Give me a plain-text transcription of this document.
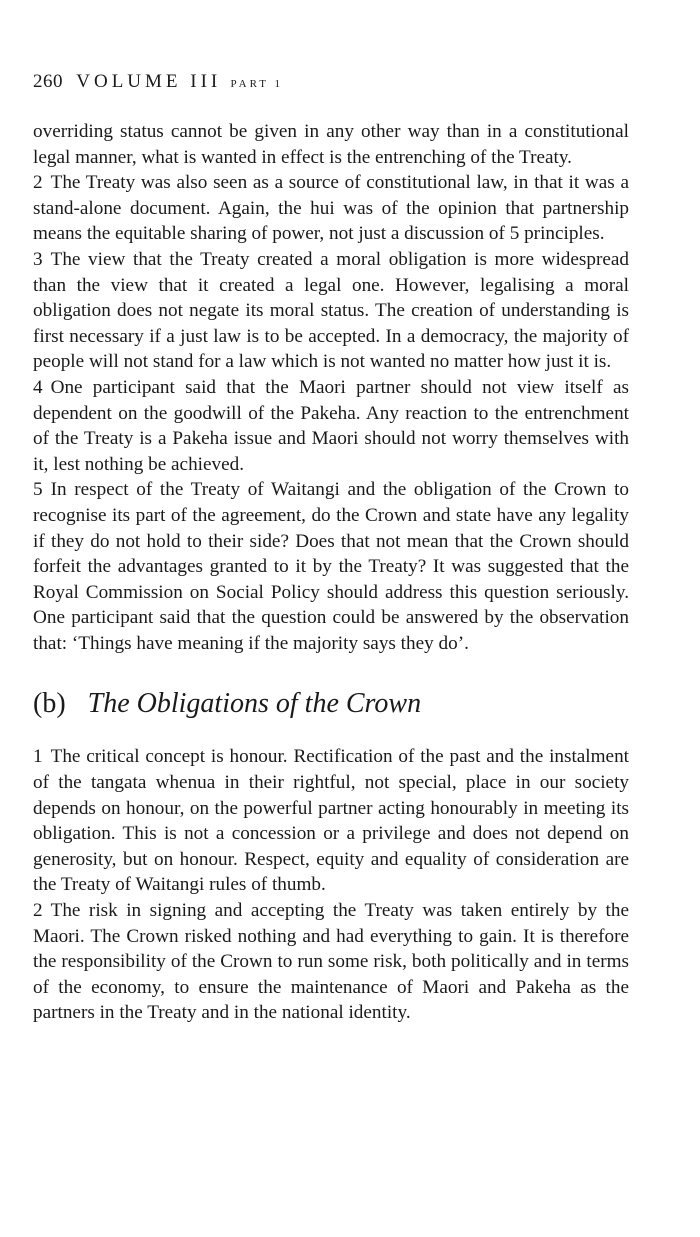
260 VOLUME III PART 1

overriding status cannot be given in any other way than in a constitutional legal manner, what is wanted in effect is the entrenching of the Treaty.

2 The Treaty was also seen as a source of constitutional law, in that it was a stand-alone document. Again, the hui was of the opinion that partnership means the equitable sharing of power, not just a discussion of 5 principles.

3 The view that the Treaty created a moral obligation is more widespread than the view that it created a legal one. However, legalising a moral obligation does not negate its moral status. The creation of understanding is first necessary if a just law is to be accepted. In a democracy, the majority of people will not stand for a law which is not wanted no matter how just it is.

4 One participant said that the Maori partner should not view itself as dependent on the goodwill of the Pakeha. Any reaction to the entrenchment of the Treaty is a Pakeha issue and Maori should not worry themselves with it, lest nothing be achieved.

5 In respect of the Treaty of Waitangi and the obligation of the Crown to recognise its part of the agreement, do the Crown and state have any legality if they do not hold to their side? Does that not mean that the Crown should forfeit the advantages granted to it by the Treaty? It was suggested that the Royal Commission on Social Policy should address this question seriously. One participant said that the question could be answered by the observation that: ‘Things have meaning if the majority says they do’.

(b) The Obligations of the Crown

1 The critical concept is honour. Rectification of the past and the instalment of the tangata whenua in their rightful, not special, place in our society depends on honour, on the powerful partner acting honourably in meeting its obligation. This is not a concession or a privilege and does not depend on generosity, but on honour. Respect, equity and equality of consideration are the Treaty of Waitangi rules of thumb.

2 The risk in signing and accepting the Treaty was taken entirely by the Maori. The Crown risked nothing and had everything to gain. It is therefore the responsibility of the Crown to run some risk, both politically and in terms of the economy, to ensure the maintenance of Maori and Pakeha as the partners in the Treaty and in the national identity.
